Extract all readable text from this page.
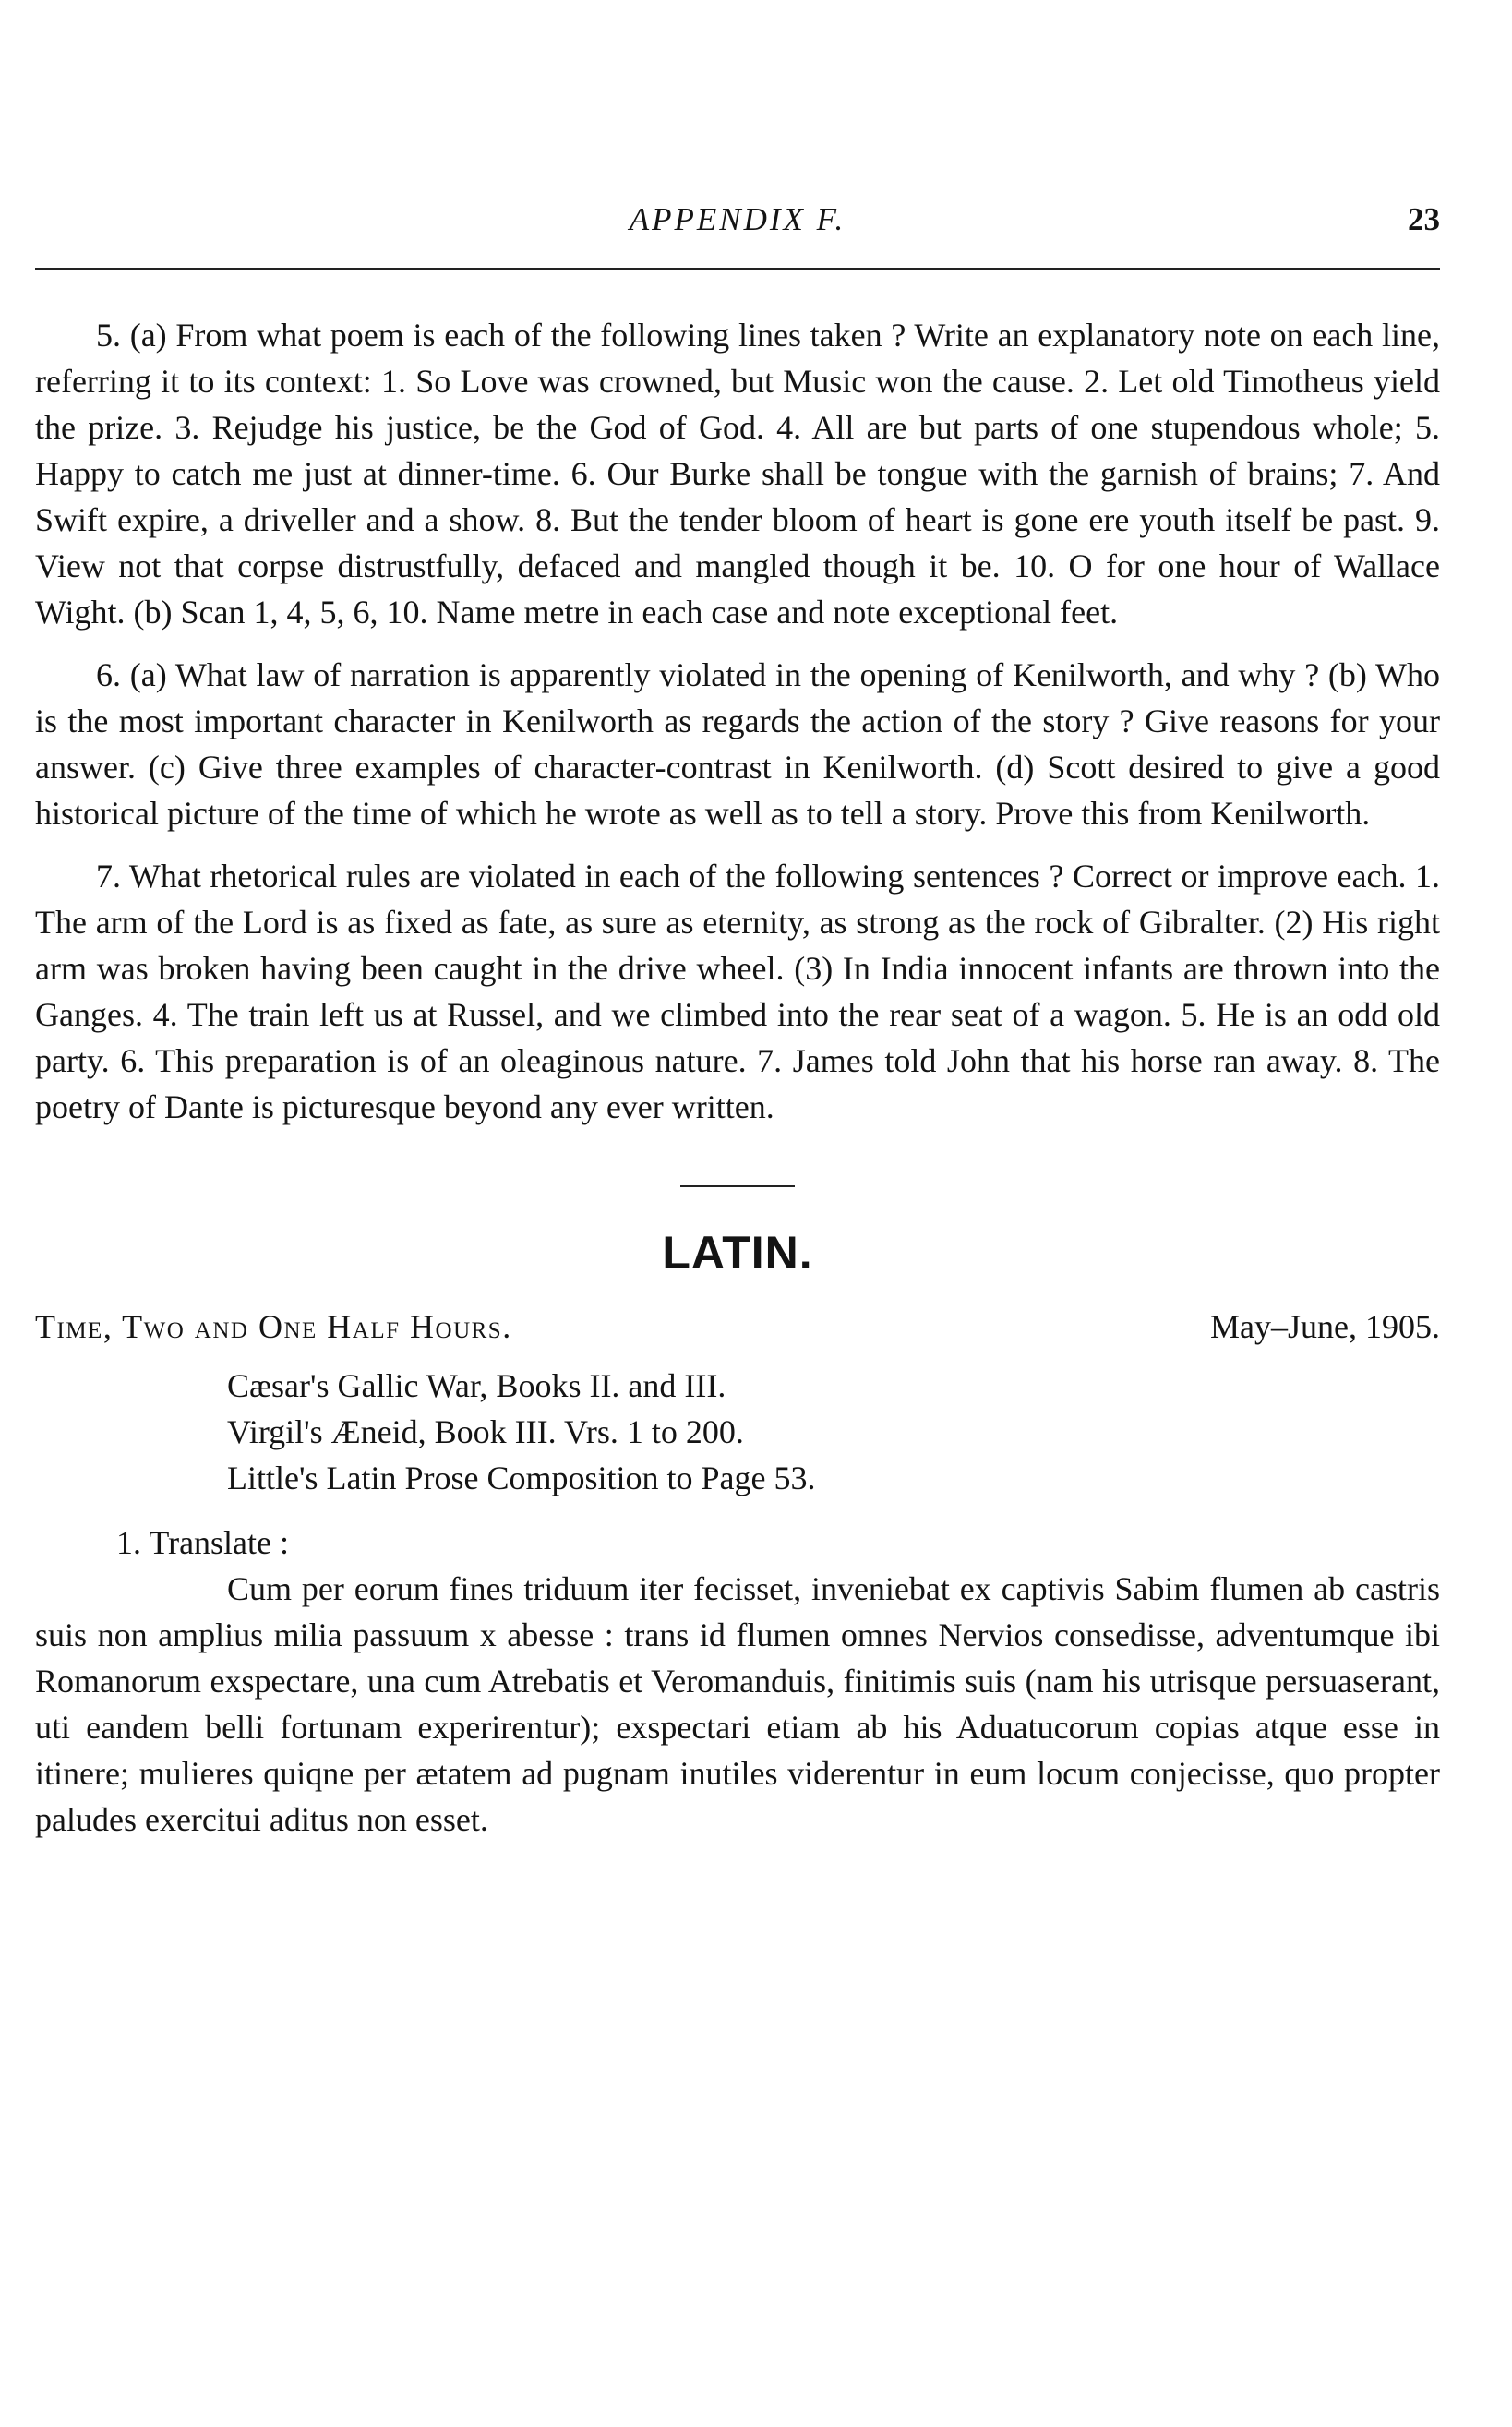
APPENDIX F.	23

5. (a) From what poem is each of the following lines taken ? Write an explanatory note on each line, referring it to its context: 1. So Love was crowned, but Music won the cause. 2. Let old Timotheus yield the prize. 3. Rejudge his justice, be the God of God. 4. All are but parts of one stupendous whole; 5. Happy to catch me just at dinner-time. 6. Our Burke shall be tongue with the garnish of brains; 7. And Swift expire, a driveller and a show. 8. But the tender bloom of heart is gone ere youth itself be past. 9. View not that corpse distrustfully, defaced and mangled though it be. 10. O for one hour of Wallace Wight. (b) Scan 1, 4, 5, 6, 10. Name metre in each case and note exceptional feet.

6. (a) What law of narration is apparently violated in the opening of Kenilworth, and why ? (b) Who is the most important character in Kenilworth as regards the action of the story ? Give reasons for your answer. (c) Give three examples of character-contrast in Kenilworth. (d) Scott desired to give a good historical picture of the time of which he wrote as well as to tell a story. Prove this from Kenilworth.

7. What rhetorical rules are violated in each of the following sentences ? Correct or improve each. 1. The arm of the Lord is as fixed as fate, as sure as eternity, as strong as the rock of Gibralter. (2) His right arm was broken having been caught in the drive wheel. (3) In India innocent infants are thrown into the Ganges. 4. The train left us at Russel, and we climbed into the rear seat of a wagon. 5. He is an odd old party. 6. This preparation is of an oleaginous nature. 7. James told John that his horse ran away. 8. The poetry of Dante is picturesque beyond any ever written.

LATIN.
Time, Two and One Half Hours.	May–June, 1905.
Cæsar's Gallic War, Books II. and III.
Virgil's Æneid, Book III. Vrs. 1 to 200.
Little's Latin Prose Composition to Page 53.

1. Translate :

Cum per eorum fines triduum iter fecisset, inveniebat ex captivis Sabim flumen ab castris suis non amplius milia passuum x abesse : trans id flumen omnes Nervios consedisse, adventumque ibi Romanorum exspectare, una cum Atrebatis et Veromanduis, finitimis suis (nam his utrisque persuaserant, uti eandem belli fortunam experirentur); exspectari etiam ab his Aduatucorum copias atque esse in itinere; mulieres quiqne per ætatem ad pugnam inutiles viderentur in eum locum conjecisse, quo propter paludes exercitui aditus non esset.
